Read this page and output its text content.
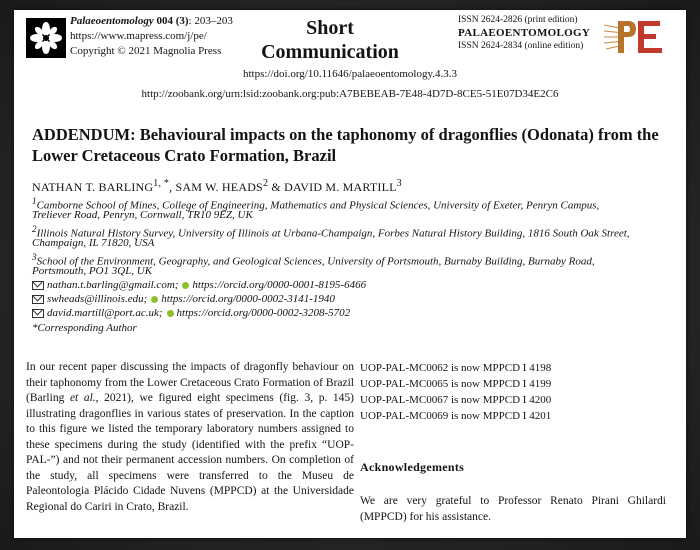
Palaeoentomology 004 (3): 203–203
https://www.mapress.com/j/pe/
Copyright © 2021 Magnolia Press
Short
Communication
ISSN 2624-2826 (print edition)
PALAEOENTOMOLOGY
ISSN 2624-2834 (online edition)
https://doi.org/10.11646/palaeoentomology.4.3.3
http://zoobank.org/urn:lsid:zoobank.org:pub:A7BEBEAB-7E48-4D7D-8CE5-51E07D34E2C6
ADDENDUM: Behavioural impacts on the taphonomy of dragonflies (Odonata) from the Lower Cretaceous Crato Formation, Brazil
NATHAN T. $BARLING^{1, *}$, SAM W. HEADS$^2$ & DAVID M. MARTILL$^3$
$^1$Camborne School of Mines, College of Engineering, Mathematics and Physical Sciences, University of Exeter, Penryn Campus,
Treliever Road, Penryn, Cornwall, TR10 9EZ, UK
$^2$Illinois Natural History Survey, University of Illinois at Urbana-Champaign, Forbes Natural History Building, 1816 South Oak Street,
Champaign, IL 71820, USA
$^3$School of the Environment, Geography, and Geological Sciences, University of Portsmouth, Burnaby Building, Burnaby Road,
Portsmouth, PO1 3QL, UK
nathan.t.barling@gmail.com; https://orcid.org/0000-0001-8195-6466
swheads@illinois.edu; https://orcid.org/0000-0002-3141-1940
david.martill@port.ac.uk; https://orcid.org/0000-0002-3208-5702
*Corresponding Author
In our recent paper discussing the impacts of dragonfly behaviour on their taphonomy from the Lower Cretaceous Crato Formation of Brazil (Barling et al., 2021), we figured eight specimens (fig. 3, p. 145) illustrating dragonflies in various states of preservation. In the caption to this figure we listed the temporary laboratory numbers assigned to these specimens during the study (identified with the prefix “UOP-PAL-”) and not their permanent accession numbers. On completion of the study, all specimens were transferred to the Museu de Paleontologia Plácido Cidade Nuvens (MPPCD) at the Universidade Regional do Cariri in Crato, Brazil.
UOP-PAL-MC0062 is now MPPCD I 4198
UOP-PAL-MC0065 is now MPPCD I 4199
UOP-PAL-MC0067 is now MPPCD I 4200
UOP-PAL-MC0069 is now MPPCD I 4201
Acknowledgements
We are very grateful to Professor Renato Pirani Ghilardi (MPPCD) for his assistance.
